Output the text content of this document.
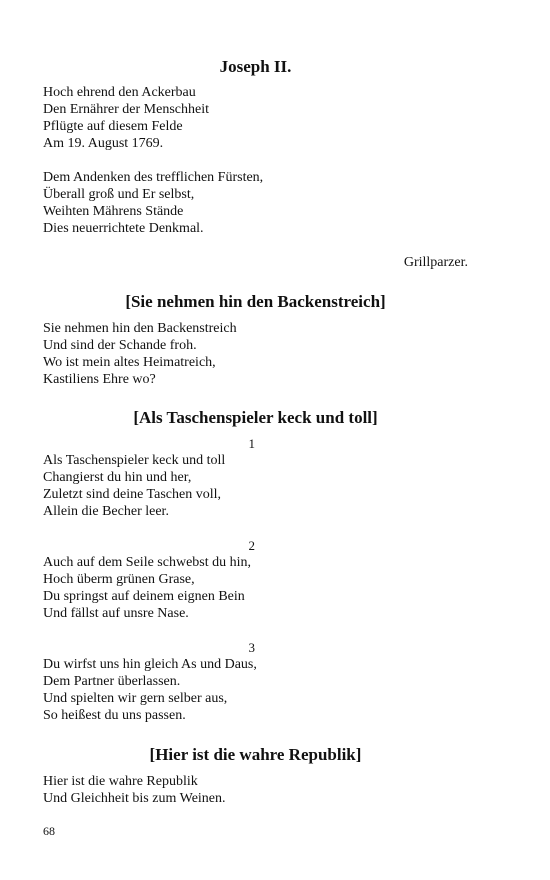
Joseph II.
Hoch ehrend den Ackerbau
Den Ernährer der Menschheit
Pflügte auf diesem Felde
Am 19. August 1769.
Dem Andenken des trefflichen Fürsten,
Überall groß und Er selbst,
Weihten Mährens Stände
Dies neuerrichtete Denkmal.
Grillparzer.
[Sie nehmen hin den Backenstreich]
Sie nehmen hin den Backenstreich
Und sind der Schande froh.
Wo ist mein altes Heimatreich,
Kastiliens Ehre wo?
[Als Taschenspieler keck und toll]
1
Als Taschenspieler keck und toll
Changierst du hin und her,
Zuletzt sind deine Taschen voll,
Allein die Becher leer.
2
Auch auf dem Seile schwebst du hin,
Hoch überm grünen Grase,
Du springst auf deinem eignen Bein
Und fällst auf unsre Nase.
3
Du wirfst uns hin gleich As und Daus,
Dem Partner überlassen.
Und spielten wir gern selber aus,
So heißest du uns passen.
[Hier ist die wahre Republik]
Hier ist die wahre Republik
Und Gleichheit bis zum Weinen.
68
